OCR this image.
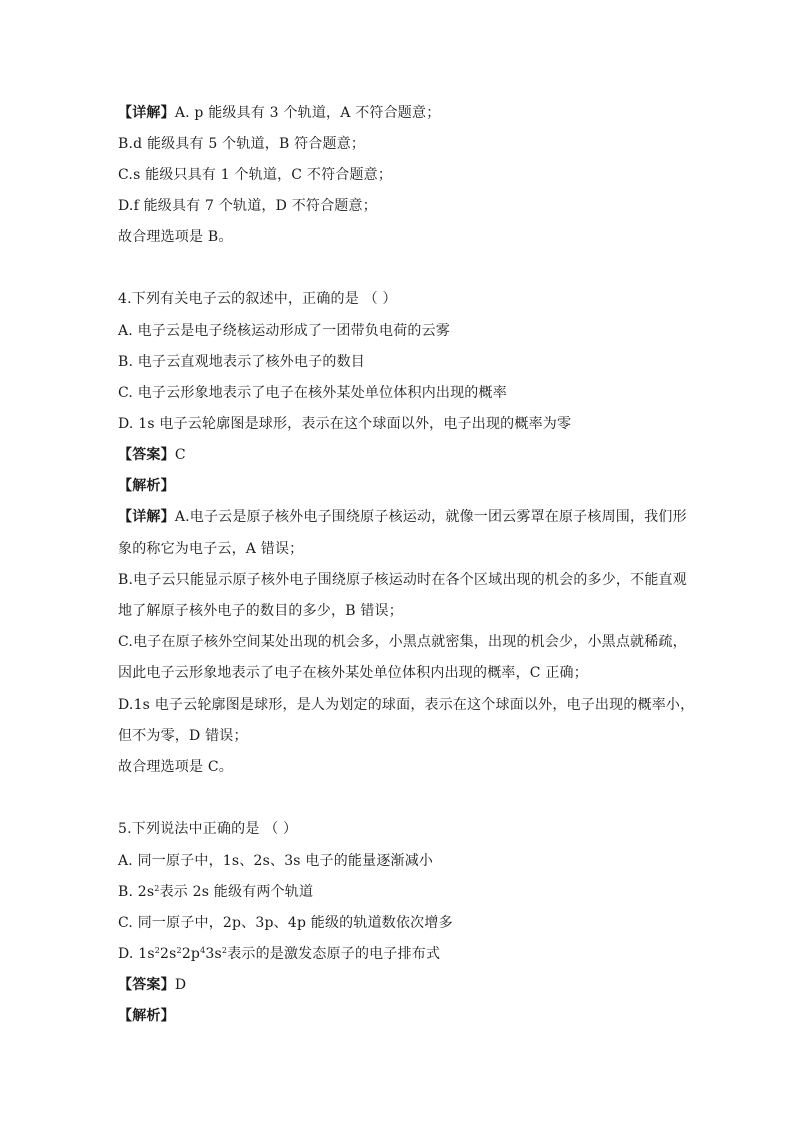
【详解】A. p 能级具有 3 个轨道，A 不符合题意；
B.d 能级具有 5 个轨道，B 符合题意；
C.s 能级只具有 1 个轨道，C 不符合题意；
D.f 能级具有 7 个轨道，D 不符合题意；
故合理选项是 B。
4.下列有关电子云的叙述中，正确的是 （ ）
A. 电子云是电子绕核运动形成了一团带负电荷的云雾
B. 电子云直观地表示了核外电子的数目
C. 电子云形象地表示了电子在核外某处单位体积内出现的概率
D. 1s 电子云轮廓图是球形，表示在这个球面以外，电子出现的概率为零
【答案】C
【解析】
【详解】A.电子云是原子核外电子围绕原子核运动，就像一团云雾罩在原子核周围，我们形
象的称它为电子云，A 错误；
B.电子云只能显示原子核外电子围绕原子核运动时在各个区域出现的机会的多少，不能直观
地了解原子核外电子的数目的多少，B 错误；
C.电子在原子核外空间某处出现的机会多，小黑点就密集，出现的机会少，小黑点就稀疏，
因此电子云形象地表示了电子在核外某处单位体积内出现的概率，C 正确；
D.1s 电子云轮廓图是球形，是人为划定的球面，表示在这个球面以外，电子出现的概率小，
但不为零，D 错误；
故合理选项是 C。
5.下列说法中正确的是 （ ）
A. 同一原子中，1s、2s、3s 电子的能量逐渐减小
B. $2s^2$表示 2s 能级有两个轨道
C. 同一原子中，2p、3p、4p 能级的轨道数依次增多
D. $1s^22s^22p^43s^2$表示的是激发态原子的电子排布式
【答案】D
【解析】
